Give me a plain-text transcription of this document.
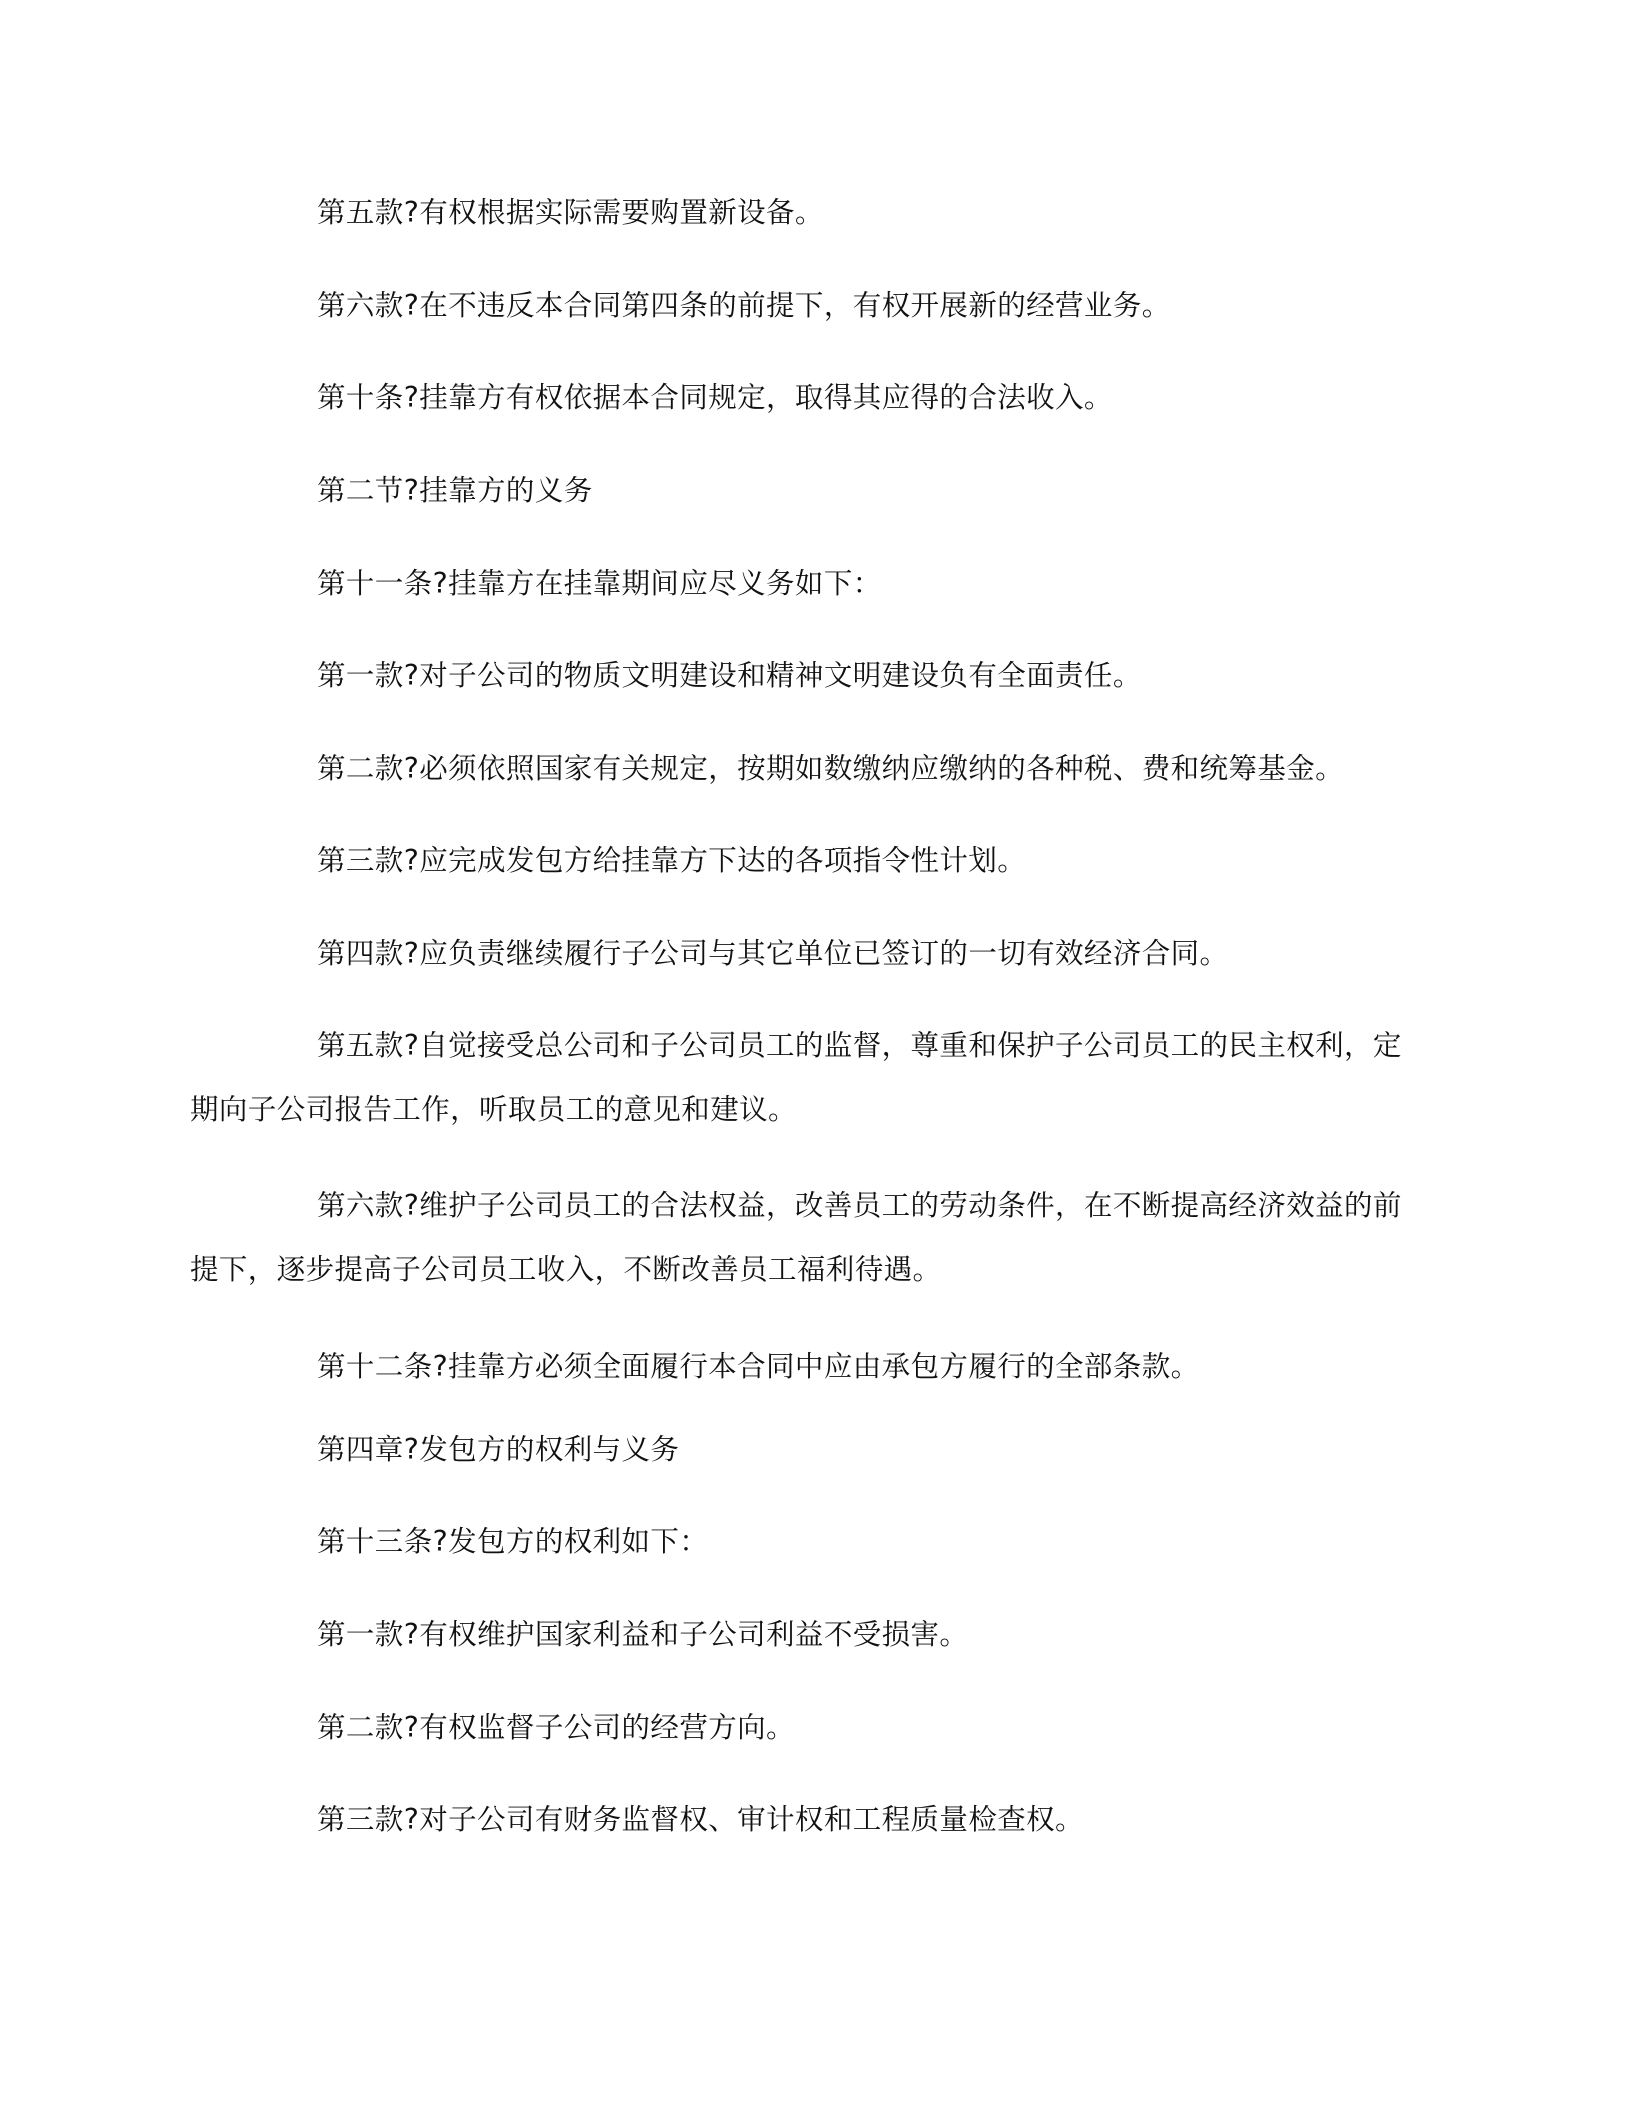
第五款?有权根据实际需要购置新设备。

第六款?在不违反本合同第四条的前提下，有权开展新的经营业务。

第十条?挂靠方有权依据本合同规定，取得其应得的合法收入。

第二节?挂靠方的义务

第十一条?挂靠方在挂靠期间应尽义务如下：

第一款?对子公司的物质文明建设和精神文明建设负有全面责任。

第二款?必须依照国家有关规定，按期如数缴纳应缴纳的各种税、费和统筹基金。

第三款?应完成发包方给挂靠方下达的各项指令性计划。

第四款?应负责继续履行子公司与其它单位已签订的一切有效经济合同。

第五款?自觉接受总公司和子公司员工的监督，尊重和保护子公司员工的民主权利，定期向子公司报告工作，听取员工的意见和建议。

第六款?维护子公司员工的合法权益，改善员工的劳动条件，在不断提高经济效益的前提下，逐步提高子公司员工收入，不断改善员工福利待遇。

第十二条?挂靠方必须全面履行本合同中应由承包方履行的全部条款。

第四章?发包方的权利与义务

第十三条?发包方的权利如下：

第一款?有权维护国家利益和子公司利益不受损害。

第二款?有权监督子公司的经营方向。

第三款?对子公司有财务监督权、审计权和工程质量检查权。
